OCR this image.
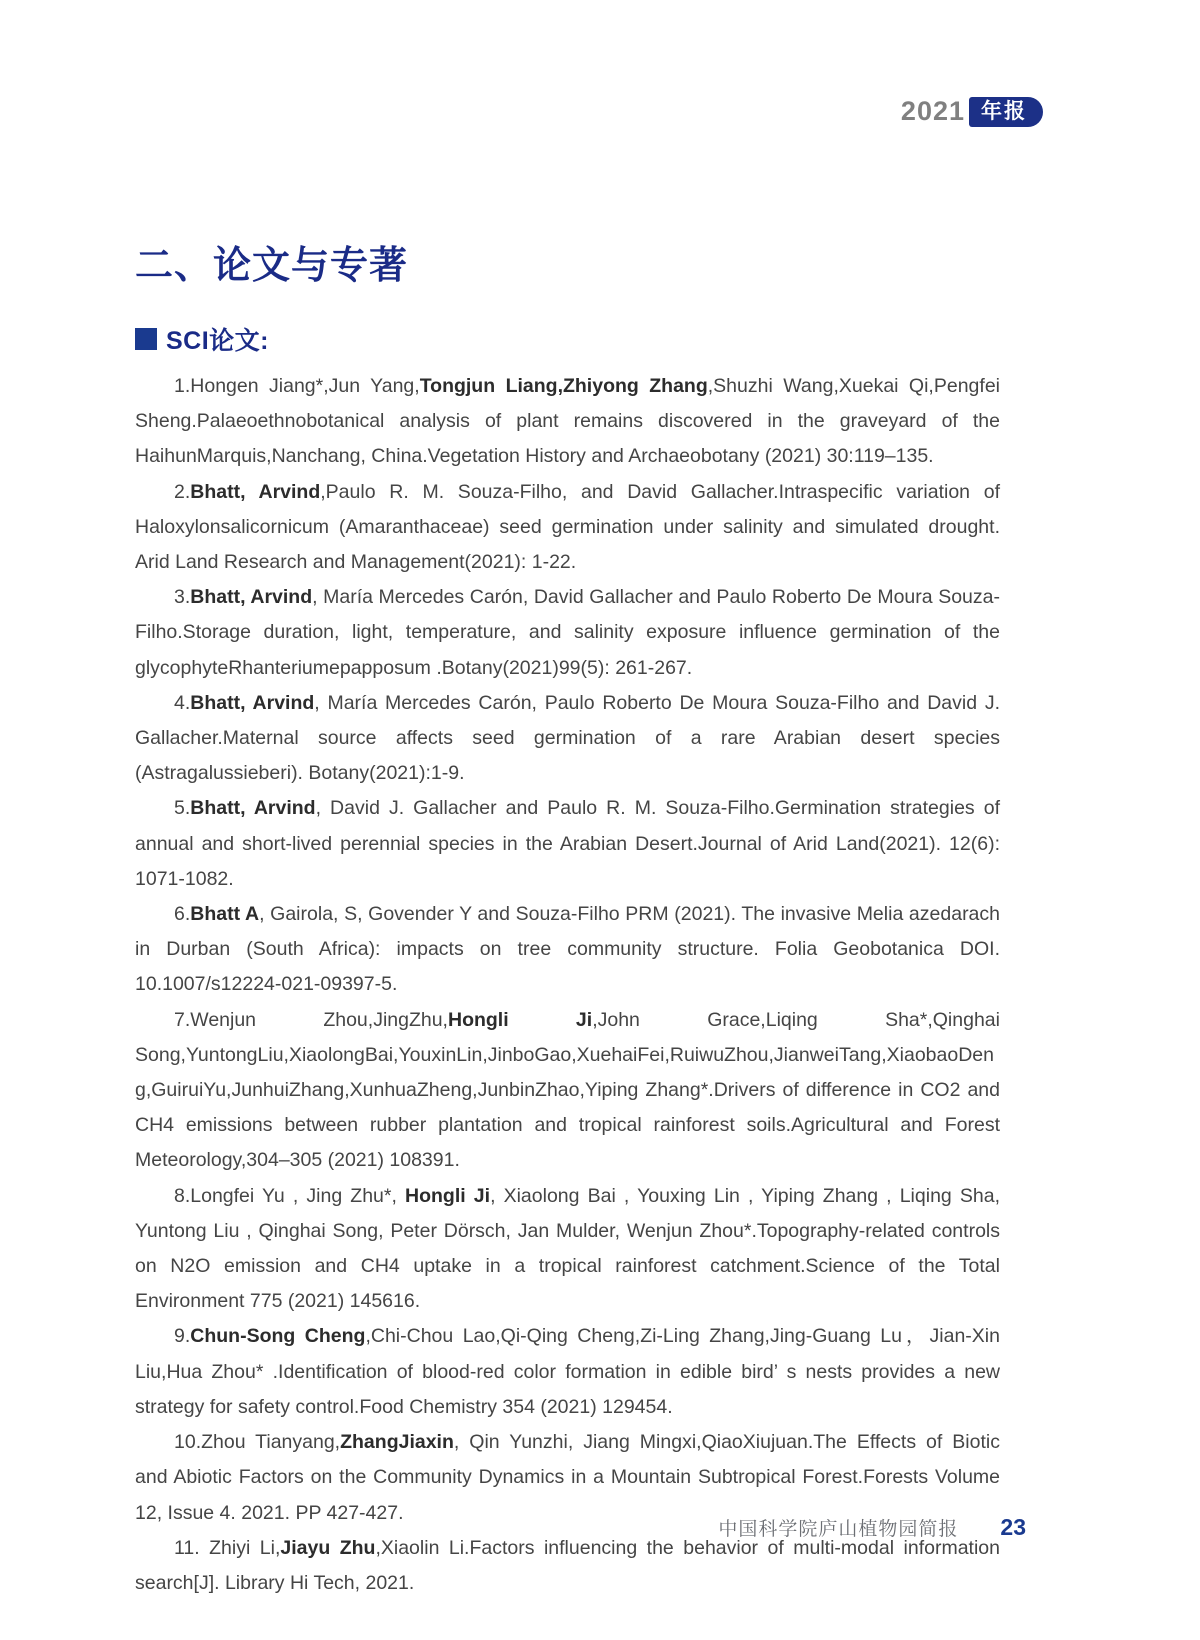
2021 年报
二、论文与专著
SCI论文:

1.Hongen Jiang*,Jun Yang,Tongjun Liang,Zhiyong Zhang,Shuzhi Wang,Xuekai Qi,Pengfei Sheng.Palaeoethnobotanical analysis of plant remains discovered in the graveyard of the HaihunMarquis,Nanchang, China.Vegetation History and Archaeobotany (2021) 30:119–135.

2.Bhatt, Arvind,Paulo R. M. Souza-Filho, and David Gallacher.Intraspecific variation of Haloxylonsalicornicum (Amaranthaceae) seed germination under salinity and simulated drought. Arid Land Research and Management(2021): 1-22.

3.Bhatt, Arvind, María Mercedes Carón, David Gallacher and Paulo Roberto De Moura Souza-Filho.Storage duration, light, temperature, and salinity exposure influence germination of the glycophyteRhanteriumepapposum .Botany(2021)99(5): 261-267.

4.Bhatt, Arvind, María Mercedes Carón, Paulo Roberto De Moura Souza-Filho and David J. Gallacher.Maternal source affects seed germination of a rare Arabian desert species (Astragalussieberi). Botany(2021):1-9.

5.Bhatt, Arvind, David J. Gallacher and Paulo R. M. Souza-Filho.Germination strategies of annual and short-lived perennial species in the Arabian Desert.Journal of Arid Land(2021). 12(6): 1071-1082.

6.Bhatt A, Gairola, S, Govender Y and Souza-Filho PRM (2021). The invasive Melia azedarach in Durban (South Africa): impacts on tree community structure. Folia Geobotanica DOI. 10.1007/s12224-021-09397-5.

7.Wenjun Zhou,JingZhu,Hongli Ji,John Grace,Liqing Sha*,Qinghai Song,YuntongLiu,XiaolongBai,YouxinLin,JinboGao,XuehaiFei,RuiwuZhou,JianweiTang,XiaobaoDeng,GuiruiYu,JunhuiZhang,XunhuaZheng,JunbinZhao,Yiping Zhang*.Drivers of difference in CO2 and CH4 emissions between rubber plantation and tropical rainforest soils.Agricultural and Forest Meteorology,304–305 (2021) 108391.

8.Longfei Yu , Jing Zhu*, Hongli Ji, Xiaolong Bai , Youxing Lin , Yiping Zhang , Liqing Sha, Yuntong Liu , Qinghai Song, Peter Dörsch, Jan Mulder, Wenjun Zhou*.Topography-related controls on N2O emission and CH4 uptake in a tropical rainforest catchment.Science of the Total Environment 775 (2021) 145616.

9.Chun-Song Cheng,Chi-Chou Lao,Qi-Qing Cheng,Zi-Ling Zhang,Jing-Guang Lu，Jian-Xin Liu,Hua Zhou* .Identification of blood-red color formation in edible bird’ s nests provides a new strategy for safety control.Food Chemistry 354 (2021) 129454.

10.Zhou Tianyang,ZhangJiaxin, Qin Yunzhi, Jiang Mingxi,QiaoXiujuan.The Effects of Biotic and Abiotic Factors on the Community Dynamics in a Mountain Subtropical Forest.Forests Volume 12, Issue 4. 2021. PP 427-427.

11. Zhiyi Li,Jiayu Zhu,Xiaolin Li.Factors influencing the behavior of multi-modal information search[J]. Library Hi Tech, 2021.

中国科学院庐山植物园简报 23
